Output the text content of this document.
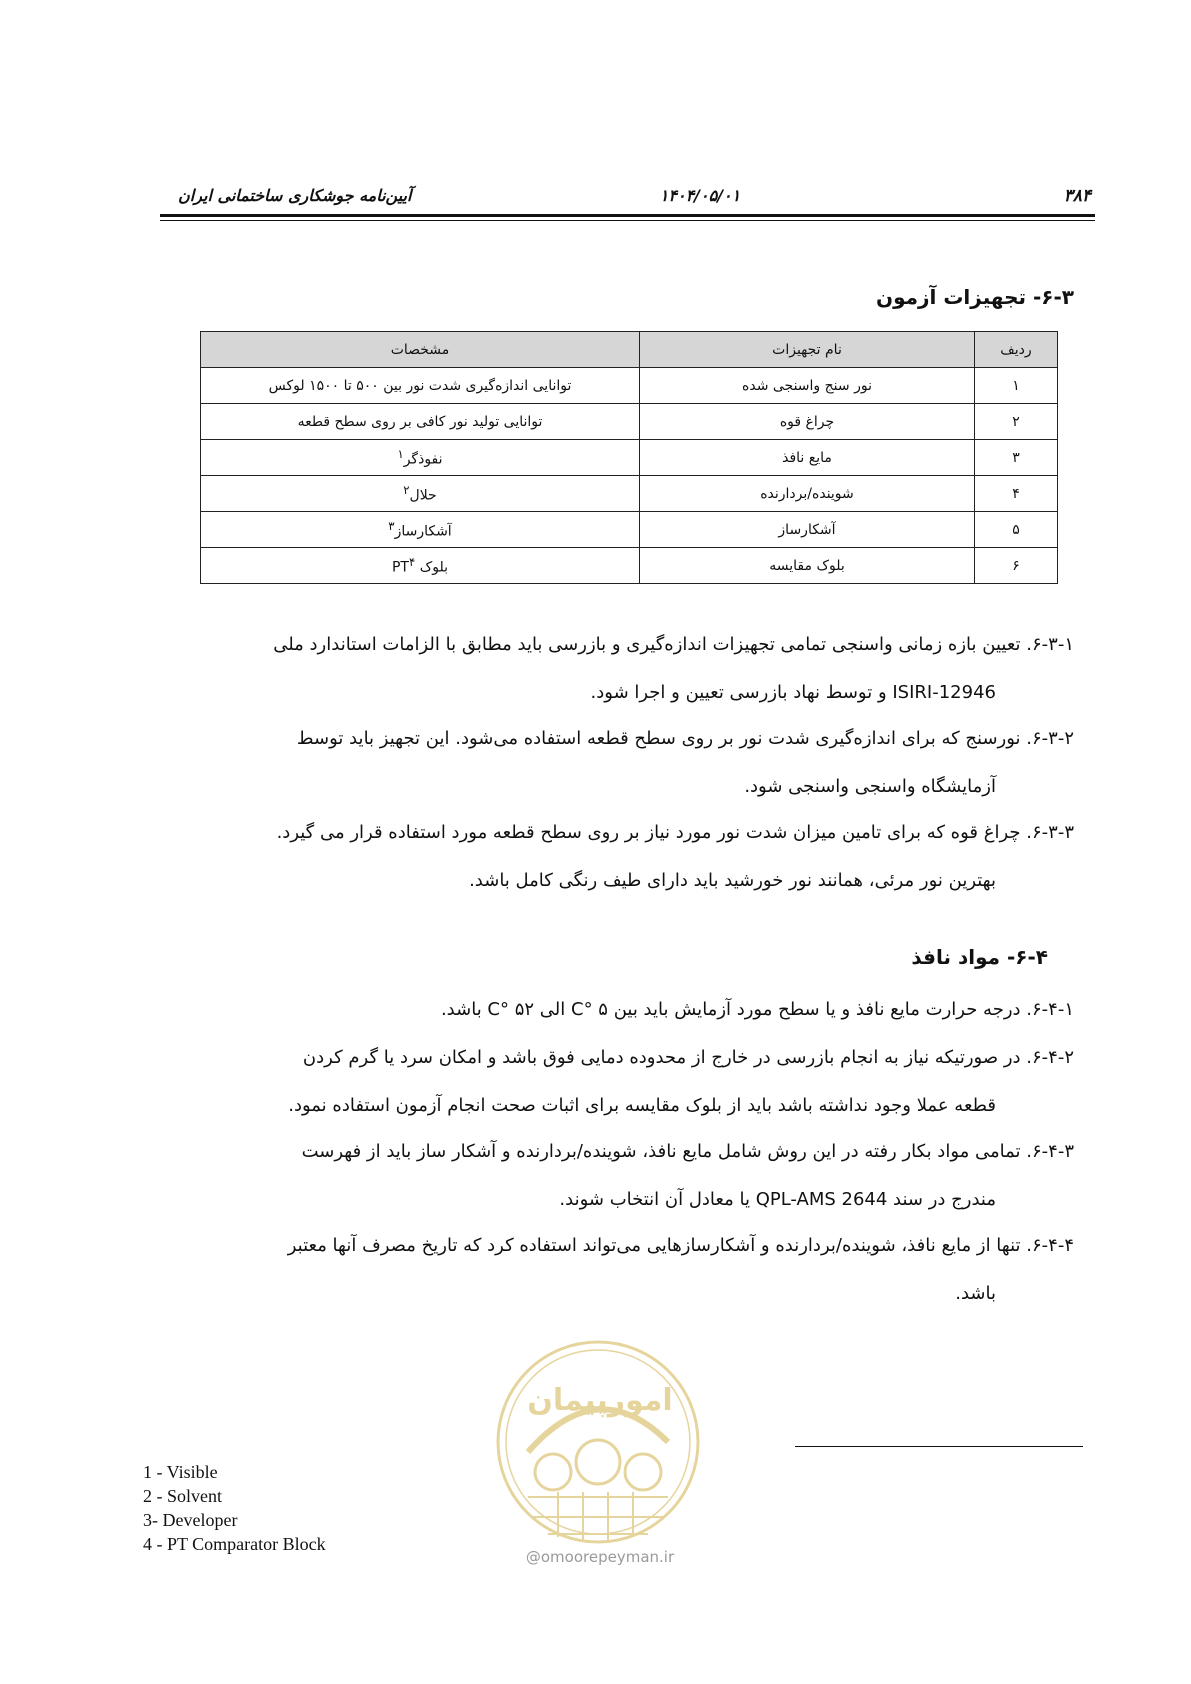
۳۸۴
۱۴۰۴/۰۵/۰۱
آیین‌نامه جوشکاری ساختمانی ایران
۶-۳- تجهیزات آزمون
ردیف	نام تجهیزات	مشخصات
۱	نور سنج واسنجی شده	توانایی اندازه‌گیری شدت نور بین ۵۰۰ تا ۱۵۰۰ لوکس
۲	چراغ قوه	توانایی تولید نور کافی بر روی سطح قطعه
۳	مایع نافذ	نفوذگر$^۱$
۴	شوینده/بردارنده	حلال$^۲$
۵	آشکارساز	آشکارساز$^۳$
۶	بلوک مقایسه	بلوک $PT^۴$
۶-۳-۱. تعیین بازه زمانی واسنجی تمامی تجهیزات اندازه‌گیری و بازرسی باید مطابق با الزامات استاندارد ملی
ISIRI-12946 و توسط نهاد بازرسی تعیین و اجرا شود.
۶-۳-۲. نورسنج که برای اندازه‌گیری شدت نور بر روی سطح قطعه استفاده می‌شود. این تجهیز باید توسط
آزمایشگاه واسنجی واسنجی شود.
۶-۳-۳. چراغ قوه که برای تامین میزان شدت نور مورد نیاز بر روی سطح قطعه مورد استفاده قرار می گیرد.
بهترین نور مرئی، همانند نور خورشید باید دارای طیف رنگی کامل باشد.
۶-۴- مواد نافذ
۶-۴-۱. درجه حرارت مایع نافذ و یا سطح مورد آزمایش باید بین C° ۵ الی C° ۵۲ باشد.
۶-۴-۲. در صورتیکه نیاز به انجام بازرسی در خارج از محدوده دمایی فوق باشد و امکان سرد یا گرم کردن
قطعه عملا وجود نداشته باشد باید از بلوک مقایسه برای اثبات صحت انجام آزمون استفاده نمود.
۶-۴-۳. تمامی مواد بکار رفته در این روش شامل مایع نافذ، شوینده/بردارنده و آشکار ساز باید از فهرست
مندرج در سند QPL-AMS 2644 یا معادل آن انتخاب شوند.
۶-۴-۴. تنها از مایع نافذ، شوینده/بردارنده و آشکارسازهایی می‌تواند استفاده کرد که تاریخ مصرف آنها معتبر
باشد.
امورپیمان
@omoorepeyman.ir
1 - Visible
2 - Solvent
3- Developer
4 - PT Comparator Block
